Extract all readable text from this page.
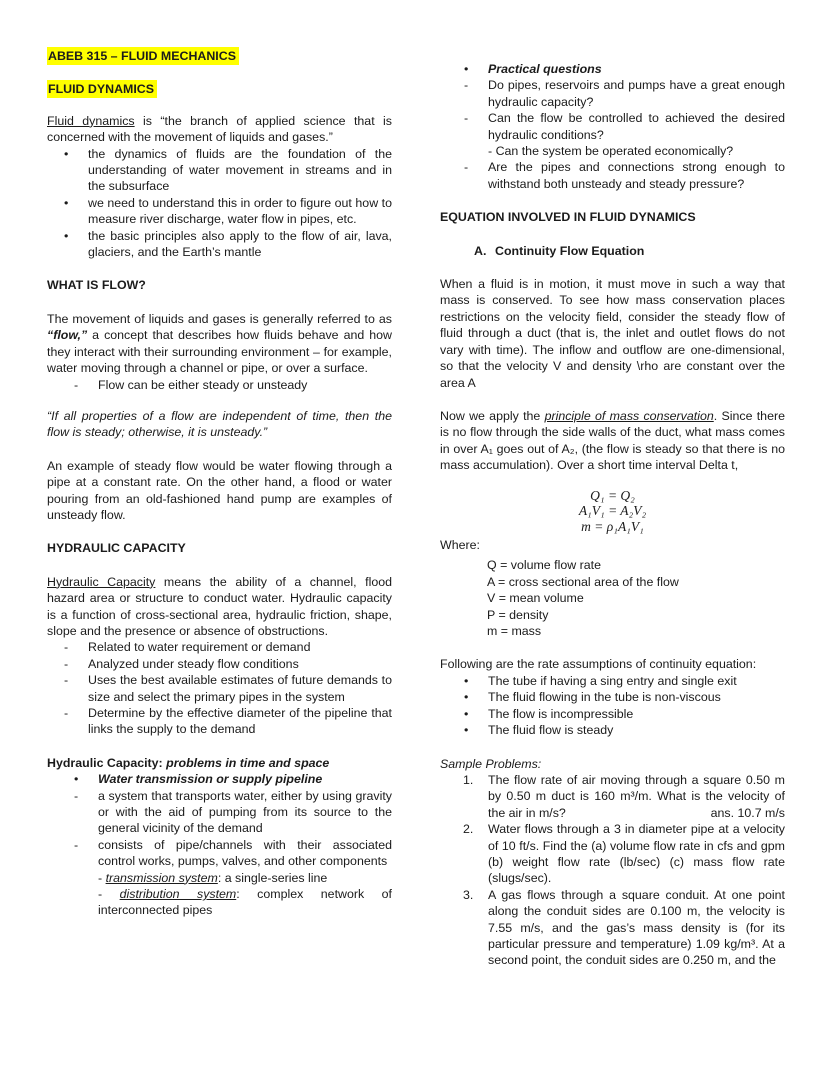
ABEB 315 – FLUID MECHANICS
FLUID DYNAMICS
Fluid dynamics is “the branch of applied science that is concerned with the movement of liquids and gases.”
• the dynamics of fluids are the foundation of the understanding of water movement in streams and in the subsurface
• we need to understand this in order to figure out how to measure river discharge, water flow in pipes, etc.
• the basic principles also apply to the flow of air, lava, glaciers, and the Earth’s mantle
WHAT IS FLOW?
The movement of liquids and gases is generally referred to as “flow,” a concept that describes how fluids behave and how they interact with their surrounding environment – for example, water moving through a channel or pipe, or over a surface.
- Flow can be either steady or unsteady
“If all properties of a flow are independent of time, then the flow is steady; otherwise, it is unsteady.”
An example of steady flow would be water flowing through a pipe at a constant rate. On the other hand, a flood or water pouring from an old-fashioned hand pump are examples of unsteady flow.
HYDRAULIC CAPACITY
Hydraulic Capacity means the ability of a channel, flood hazard area or structure to conduct water. Hydraulic capacity is a function of cross-sectional area, hydraulic friction, shape, slope and the presence or absence of obstructions.
- Related to water requirement or demand
- Analyzed under steady flow conditions
- Uses the best available estimates of future demands to size and select the primary pipes in the system
- Determine by the effective diameter of the pipeline that links the supply to the demand
Hydraulic Capacity: problems in time and space
• Water transmission or supply pipeline
- a system that transports water, either by using gravity or with the aid of pumping from its source to the general vicinity of the demand
- consists of pipe/channels with their associated control works, pumps, valves, and other components
- transmission system: a single-series line
- distribution system: complex network of interconnected pipes
• Practical questions
- Do pipes, reservoirs and pumps have a great enough hydraulic capacity?
- Can the flow be controlled to achieved the desired hydraulic conditions?
- Can the system be operated economically?
- Are the pipes and connections strong enough to withstand both unsteady and steady pressure?
EQUATION INVOLVED IN FLUID DYNAMICS
A. Continuity Flow Equation
When a fluid is in motion, it must move in such a way that mass is conserved. To see how mass conservation places restrictions on the velocity field, consider the steady flow of fluid through a duct (that is, the inlet and outlet flows do not vary with time). The inflow and outflow are one-dimensional, so that the velocity V and density \rho are constant over the area A
Now we apply the principle of mass conservation. Since there is no flow through the side walls of the duct, what mass comes in over A₁ goes out of A₂, (the flow is steady so that there is no mass accumulation). Over a short time interval Delta t,
Q₁ = Q₂
A₁V₁ = A₂V₂
m = ρ₁A₁V₁
Where:
Q = volume flow rate
A = cross sectional area of the flow
V = mean volume
P = density
m = mass
Following are the rate assumptions of continuity equation:
• The tube if having a sing entry and single exit
• The fluid flowing in the tube is non-viscous
• The flow is incompressible
• The fluid flow is steady
Sample Problems:
1. The flow rate of air moving through a square 0.50 m by 0.50 m duct is 160 m³/m. What is the velocity of the air in m/s?	ans. 10.7 m/s
2. Water flows through a 3 in diameter pipe at a velocity of 10 ft/s. Find the (a) volume flow rate in cfs and gpm (b) weight flow rate (lb/sec) (c) mass flow rate (slugs/sec).
3. A gas flows through a square conduit. At one point along the conduit sides are 0.100 m, the velocity is 7.55 m/s, and the gas’s mass density is (for its particular pressure and temperature) 1.09 kg/m³. At a second point, the conduit sides are 0.250 m, and the
